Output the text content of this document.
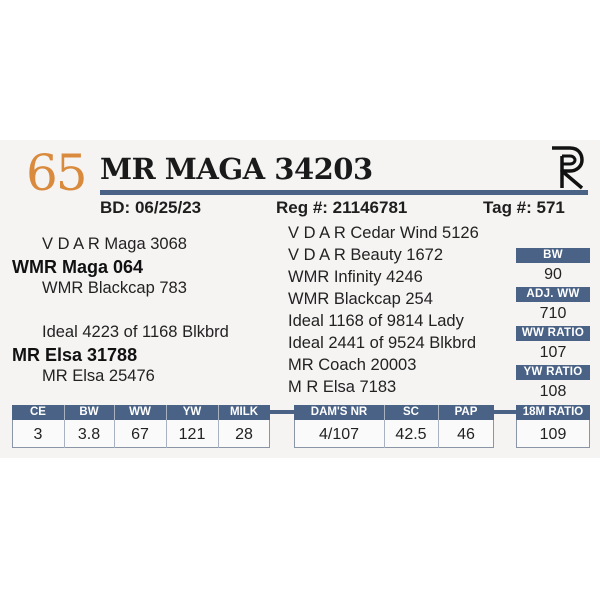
65 MR MAGA 34203
BD: 06/25/23	Reg #: 21146781	Tag #: 571
V D A R Maga 3068
WMR Maga 064
WMR Blackcap 783
Ideal 4223 of 1168 Blkbrd
MR Elsa 31788
MR Elsa 25476
V D A R Cedar Wind 5126
V D A R Beauty 1672
WMR Infinity 4246
WMR Blackcap 254
Ideal 1168 of 9814 Lady
Ideal 2441 of 9524 Blkbrd
MR Coach 20003
M R Elsa 7183
BW
90
ADJ. WW
710
WW RATIO
107
YW RATIO
108
CE
3
BW
3.8
WW
67
YW
121
MILK
28
DAM'S NR
4/107
SC
42.5
PAP
46
18M RATIO
109
